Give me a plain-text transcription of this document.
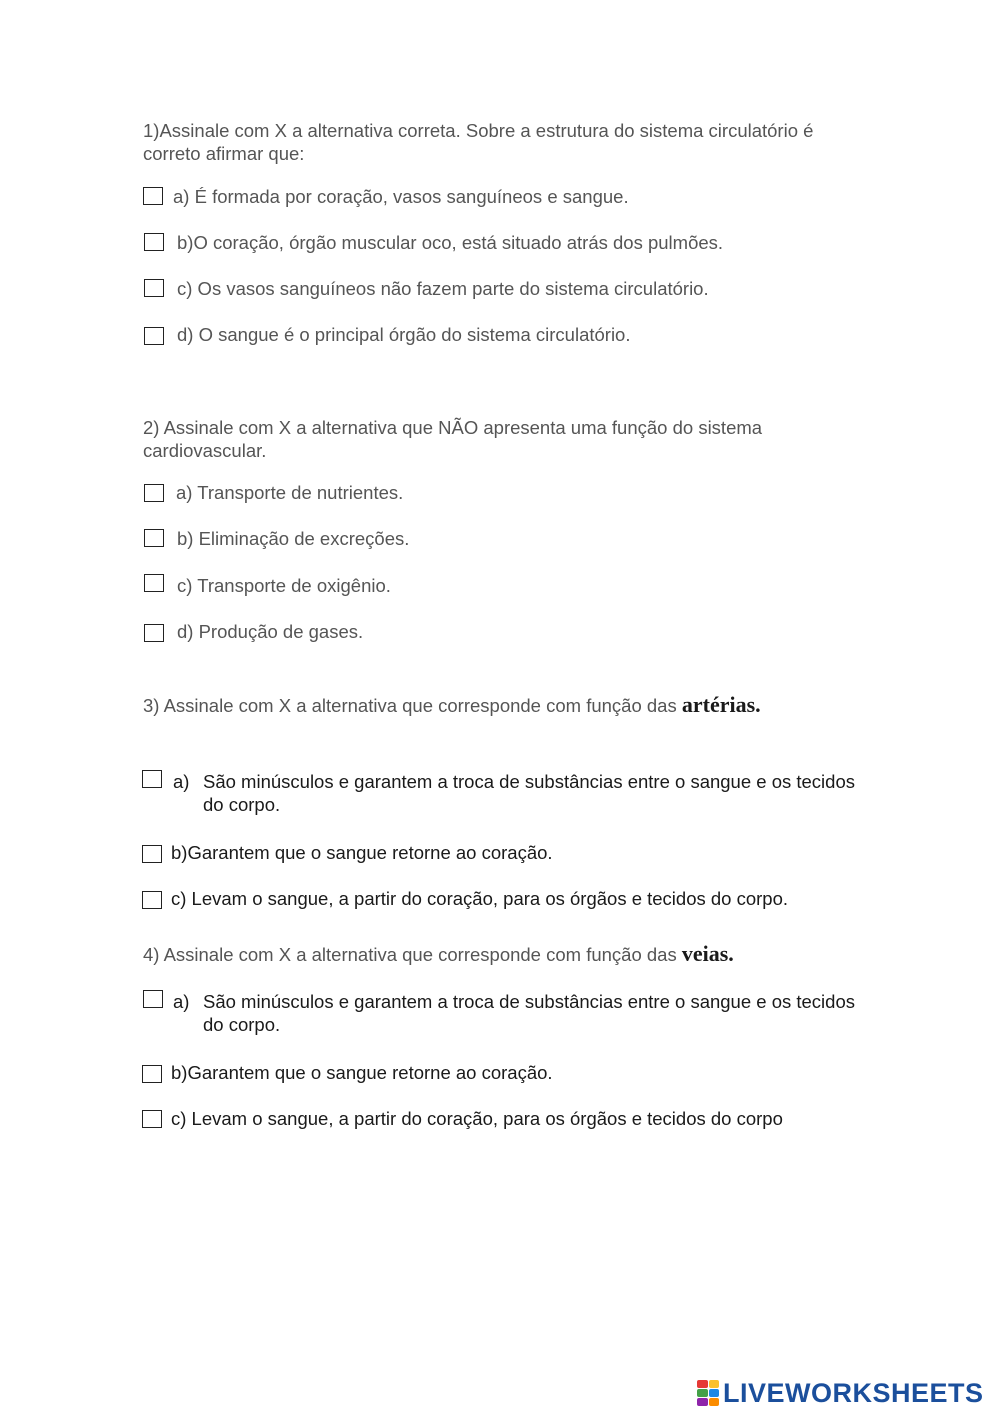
1)Assinale com X a alternativa correta. Sobre a estrutura do sistema circulatório é correto afirmar que:

a) É formada por coração, vasos sanguíneos e sangue.
b)O coração, órgão muscular oco, está situado atrás dos pulmões.
c) Os vasos sanguíneos não fazem parte do sistema circulatório.
d) O sangue é o principal órgão do sistema circulatório.

2) Assinale com X a alternativa que NÃO apresenta uma função do sistema cardiovascular.

a) Transporte de nutrientes.
b) Eliminação de excreções.
c) Transporte de oxigênio.
d) Produção de gases.

3) Assinale com X a alternativa que corresponde com função das artérias.

a) São minúsculos e garantem a troca de substâncias entre o sangue e os tecidos do corpo.
b)Garantem que o sangue retorne ao coração.
c) Levam o sangue, a partir do coração, para os órgãos e tecidos do corpo.

4) Assinale com X a alternativa que corresponde com função das veias.

a) São minúsculos e garantem a troca de substâncias entre o sangue e os tecidos do corpo.
b)Garantem que o sangue retorne ao coração.
c) Levam o sangue, a partir do coração, para os órgãos e tecidos do corpo
LIVEWORKSHEETS
